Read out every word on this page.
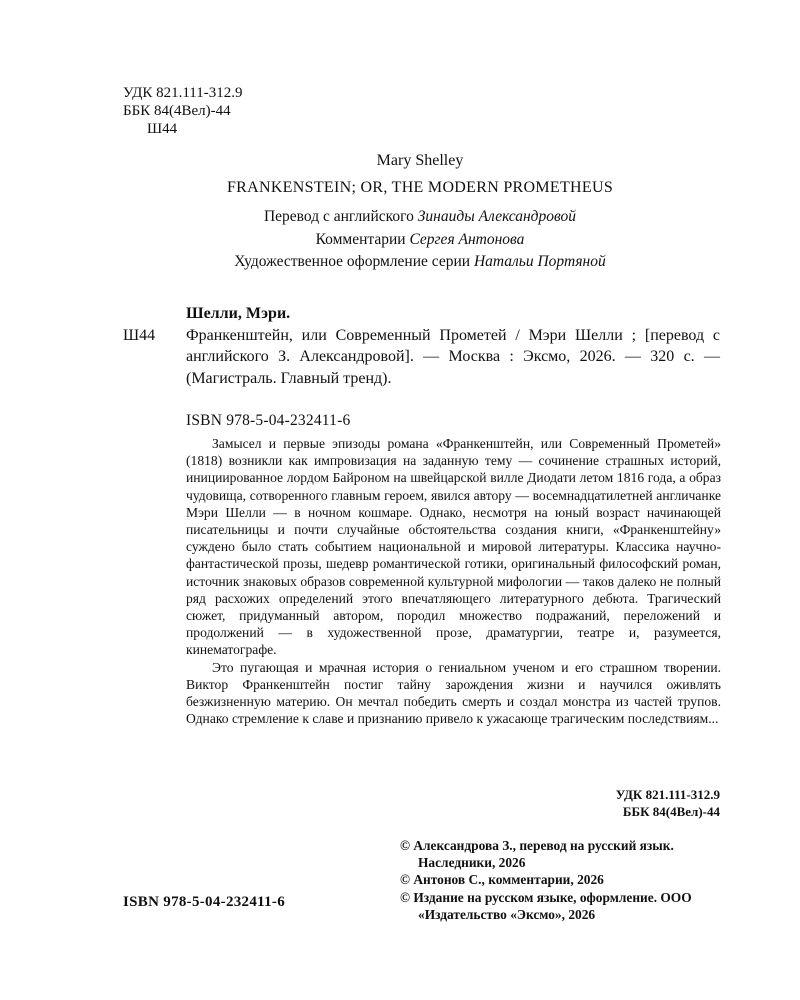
УДК 821.111-312.9
ББК 84(4Вел)-44
Ш44
Mary Shelley
FRANKENSTEIN; OR, THE MODERN PROMETHEUS
Перевод с английского Зинаиды Александровой
Комментарии Сергея Антонова
Художественное оформление серии Натальи Портяной
Шелли, Мэри.
Ш44	Франкенштейн, или Современный Прометей / Мэри Шелли ; [перевод с английского З. Александровой]. — Москва : Эксмо, 2026. — 320 с. — (Магистраль. Главный тренд).
ISBN 978-5-04-232411-6

Замысел и первые эпизоды романа «Франкенштейн, или Современный Прометей» (1818) возникли как импровизация на заданную тему — сочинение страшных историй, инициированное лордом Байроном на швейцарской вилле Диодати летом 1816 года, а образ чудовища, сотворенного главным героем, явился автору — восемнадцатилетней англичанке Мэри Шелли — в ночном кошмаре. Однако, несмотря на юный возраст начинающей писательницы и почти случайные обстоятельства создания книги, «Франкенштейну» суждено было стать событием национальной и мировой литературы. Классика научно-фантастической прозы, шедевр романтической готики, оригинальный философский роман, источник знаковых образов современной культурной мифологии — таков далеко не полный ряд расхожих определений этого впечатляющего литературного дебюта. Трагический сюжет, придуманный автором, породил множество подражаний, переложений и продолжений — в художественной прозе, драматургии, театре и, разумеется, кинематографе.

Это пугающая и мрачная история о гениальном ученом и его страшном творении. Виктор Франкенштейн постиг тайну зарождения жизни и научился оживлять безжизненную материю. Он мечтал победить смерть и создал монстра из частей трупов. Однако стремление к славе и признанию привело к ужасающе трагическим последствиям...

УДК 821.111-312.9
ББК 84(4Вел)-44
© Александрова З., перевод на русский язык. Наследники, 2026
© Антонов С., комментарии, 2026
© Издание на русском языке, оформление. ООО «Издательство «Эксмо», 2026
ISBN 978-5-04-232411-6
